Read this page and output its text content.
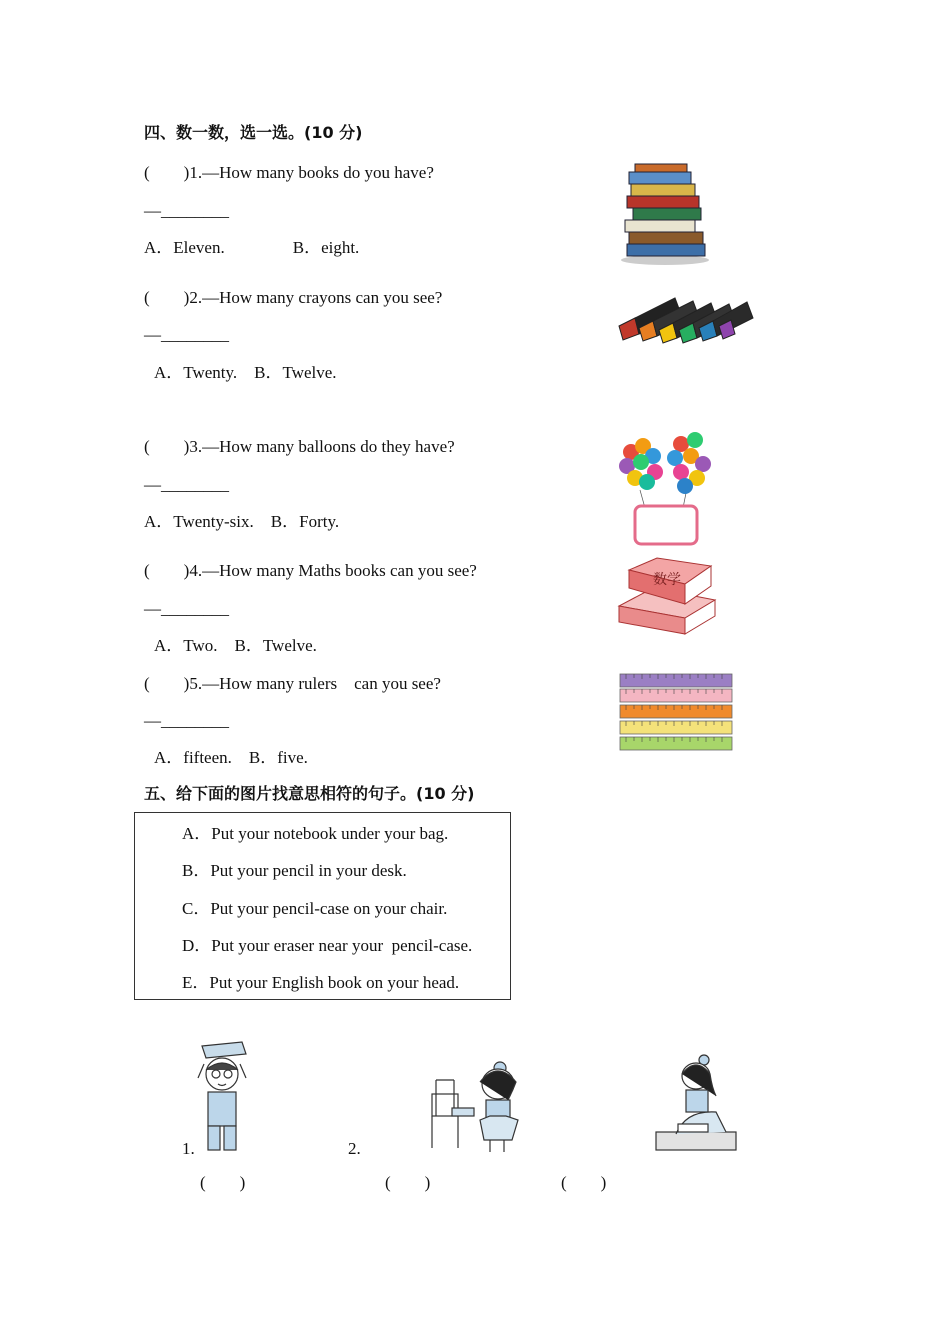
四、数一数，选一选。(10 分)
(        )1.—How many books do you have?
—________
A．Eleven.                B．eight.
(        )2.—How many crayons can you see?
—________
A．Twenty.    B．Twelve.
(        )3.—How many balloons do they have?
—________
A．Twenty-six.    B．Forty.
(        )4.—How many Maths books can you see?
—________
A．Two.    B．Twelve.
(        )5.—How many rulers    can you see?
—________
A．fifteen.    B．five.
数学
五、给下面的图片找意思相符的句子。(10 分)
A．Put your notebook under your bag.
B．Put your pencil in your desk.
C．Put your pencil-case on your chair.
D．Put your eraser near your  pencil-case.
E．Put your English book on your head.
1.	2.
(        )	(        )	(        )
